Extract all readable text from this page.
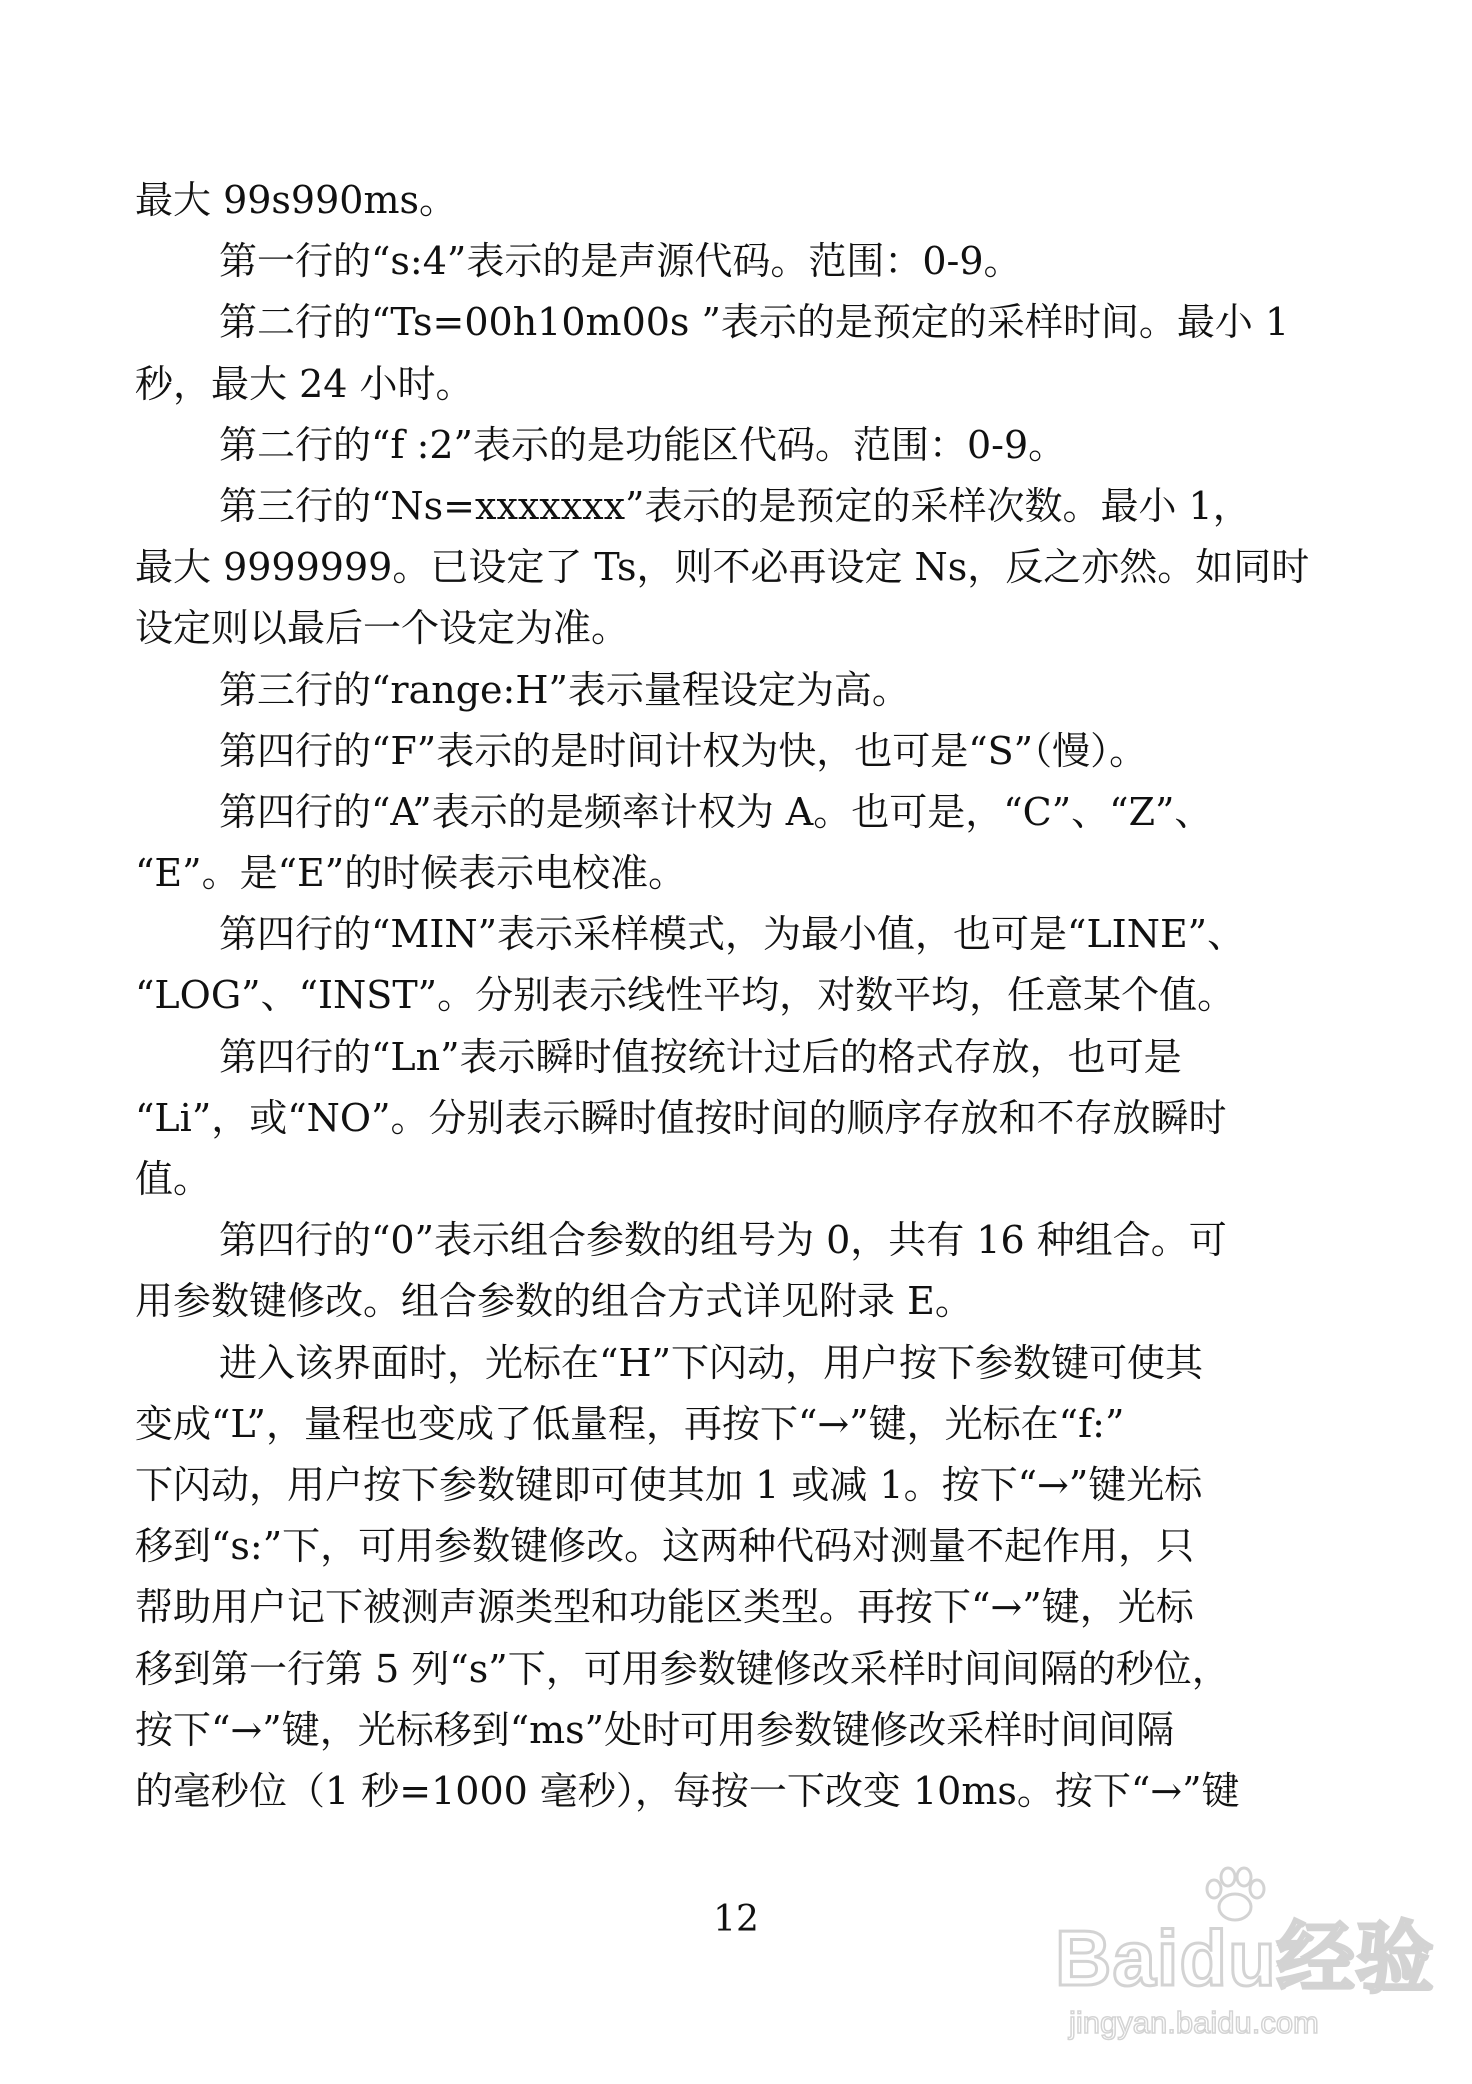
最大 99s990ms。
第一行的“s:4”表示的是声源代码。范围：0-9。
第二行的“Ts=00h10m00s ”表示的是预定的采样时间。最小 1
秒，最大 24 小时。
第二行的“f :2”表示的是功能区代码。范围：0-9。
第三行的“Ns=xxxxxxx”表示的是预定的采样次数。最小 1，
最大 9999999。已设定了 Ts，则不必再设定 Ns，反之亦然。如同时
设定则以最后一个设定为准。
第三行的“range:H”表示量程设定为高。
第四行的“F”表示的是时间计权为快，也可是“S”（慢）。
第四行的“A”表示的是频率计权为 A。也可是，“C”、“Z”、
“E”。是“E”的时候表示电校准。
第四行的“MIN”表示采样模式，为最小值，也可是“LINE”、
“LOG”、“INST”。分别表示线性平均，对数平均，任意某个值。
第四行的“Ln”表示瞬时值按统计过后的格式存放，也可是
“Li”，或“NO”。分别表示瞬时值按时间的顺序存放和不存放瞬时
值。
第四行的“0”表示组合参数的组号为 0，共有 16 种组合。可
用参数键修改。组合参数的组合方式详见附录 E。
进入该界面时，光标在“H”下闪动，用户按下参数键可使其
变成“L”，量程也变成了低量程，再按下“→”键，光标在“f:”
下闪动，用户按下参数键即可使其加 1 或减 1。按下“→”键光标
移到“s:”下，可用参数键修改。这两种代码对测量不起作用，只
帮助用户记下被测声源类型和功能区类型。再按下“→”键，光标
移到第一行第 5 列“s”下，可用参数键修改采样时间间隔的秒位，
按下“→”键，光标移到“ms”处时可用参数键修改采样时间间隔
的毫秒位（1 秒=1000 毫秒），每按一下改变 10ms。按下“→”键
12	Baidu经验
jingyan.baidu.com
